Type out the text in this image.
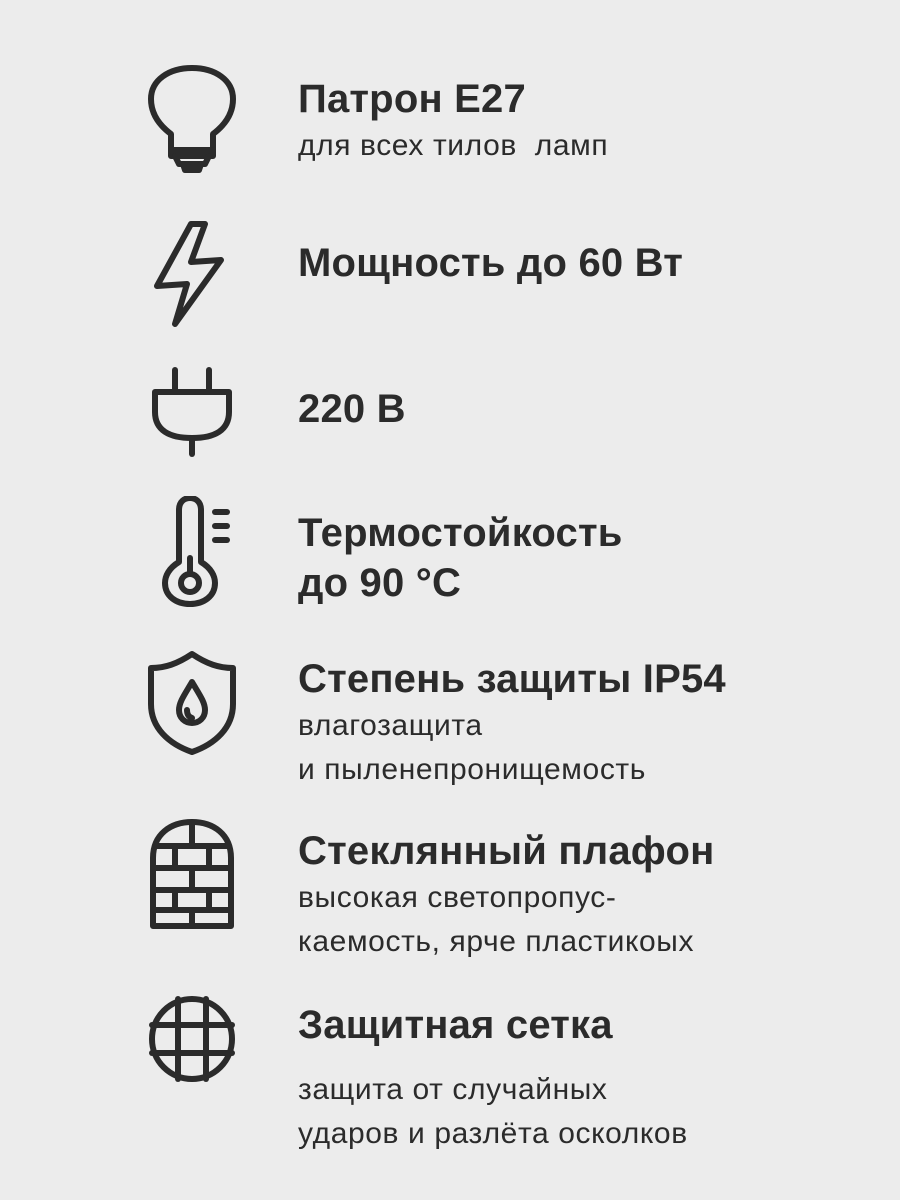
Патрон E27

для всех тилов  ламп

Мощность до 60 Вт

220 В

Термостойкость

до 90 °C

Степень защиты IP54

влагозащита

и пыленепронищемость

Стеклянный плафон

высокая светопропус-

каемость, ярче пластикоых

Защитная сетка

защита от случайных

ударов и разлёта осколков
